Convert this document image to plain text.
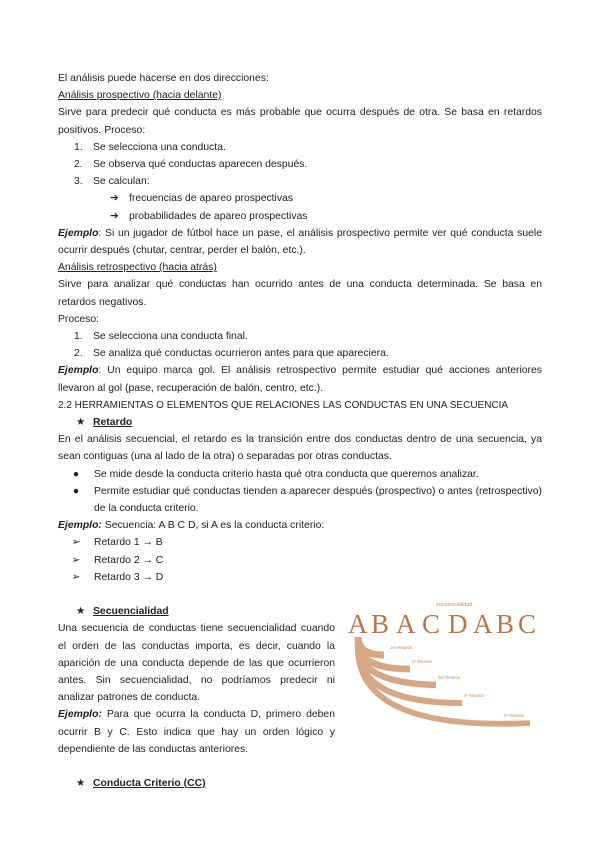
El análisis puede hacerse en dos direcciones:

Análisis prospectivo (hacia delante)

Sirve para predecir qué conducta es más probable que ocurra después de otra. Se basa en retardos positivos. Proceso:

1. Se selecciona una conducta.
2. Se observa qué conductas aparecen después.
3. Se calculan:
➔ frecuencias de apareo prospectivas
➔ probabilidades de apareo prospectivas

Ejemplo: Si un jugador de fútbol hace un pase, el análisis prospectivo permite ver qué conducta suele ocurrir después (chutar, centrar, perder el balón, etc.).

Análisis retrospectivo (hacia atrás)

Sirve para analizar qué conductas han ocurrido antes de una conducta determinada. Se basa en retardos negativos.

Proceso:

1. Se selecciona una conducta final.
2. Se analiza qué conductas ocurrieron antes para que apareciera.

Ejemplo: Un equipo marca gol. El análisis retrospectivo permite estudiar qué acciones anteriores llevaron al gol (pase, recuperación de balón, centro, etc.).

2.2 HERRAMIENTAS O ELEMENTOS QUE RELACIONES LAS CONDUCTAS EN UNA SECUENCIA

★ Retardo

En el análisis secuencial, el retardo es la transición entre dos conductas dentro de una secuencia, ya sean contiguas (una al lado de la otra) o separadas por otras conductas.

●	Se mide desde la conducta criterio hasta qué otra conducta que queremos analizar.
●	Permite estudiar qué conductas tienden a aparecer después (prospectivo) o antes (retrospectivo) de la conducta criterio.

Ejemplo: Secuencia: A B C D, si A es la conducta criterio:

➢	Retardo 1 → B
➢	Retardo 2 → C
➢	Retardo 3 → D
★ Secuencialidad

Una secuencia de conductas tiene secuencialidad cuando el orden de las conductas importa, es decir, cuando la aparición de una conducta depende de las que ocurrieron antes. Sin secuencialidad, no podríamos predecir ni analizar patrones de conducta.

Ejemplo: Para que ocurra la conducta D, primero deben ocurrir B y C. Esto indica que hay un orden lógico y dependiente de las conductas anteriores.

secuencialidad
A B A C D A B C
1er Retardo
2º Retardo
3er Retardo
4º Retardo
nº Retardo
★ Conducta Criterio (CC)
